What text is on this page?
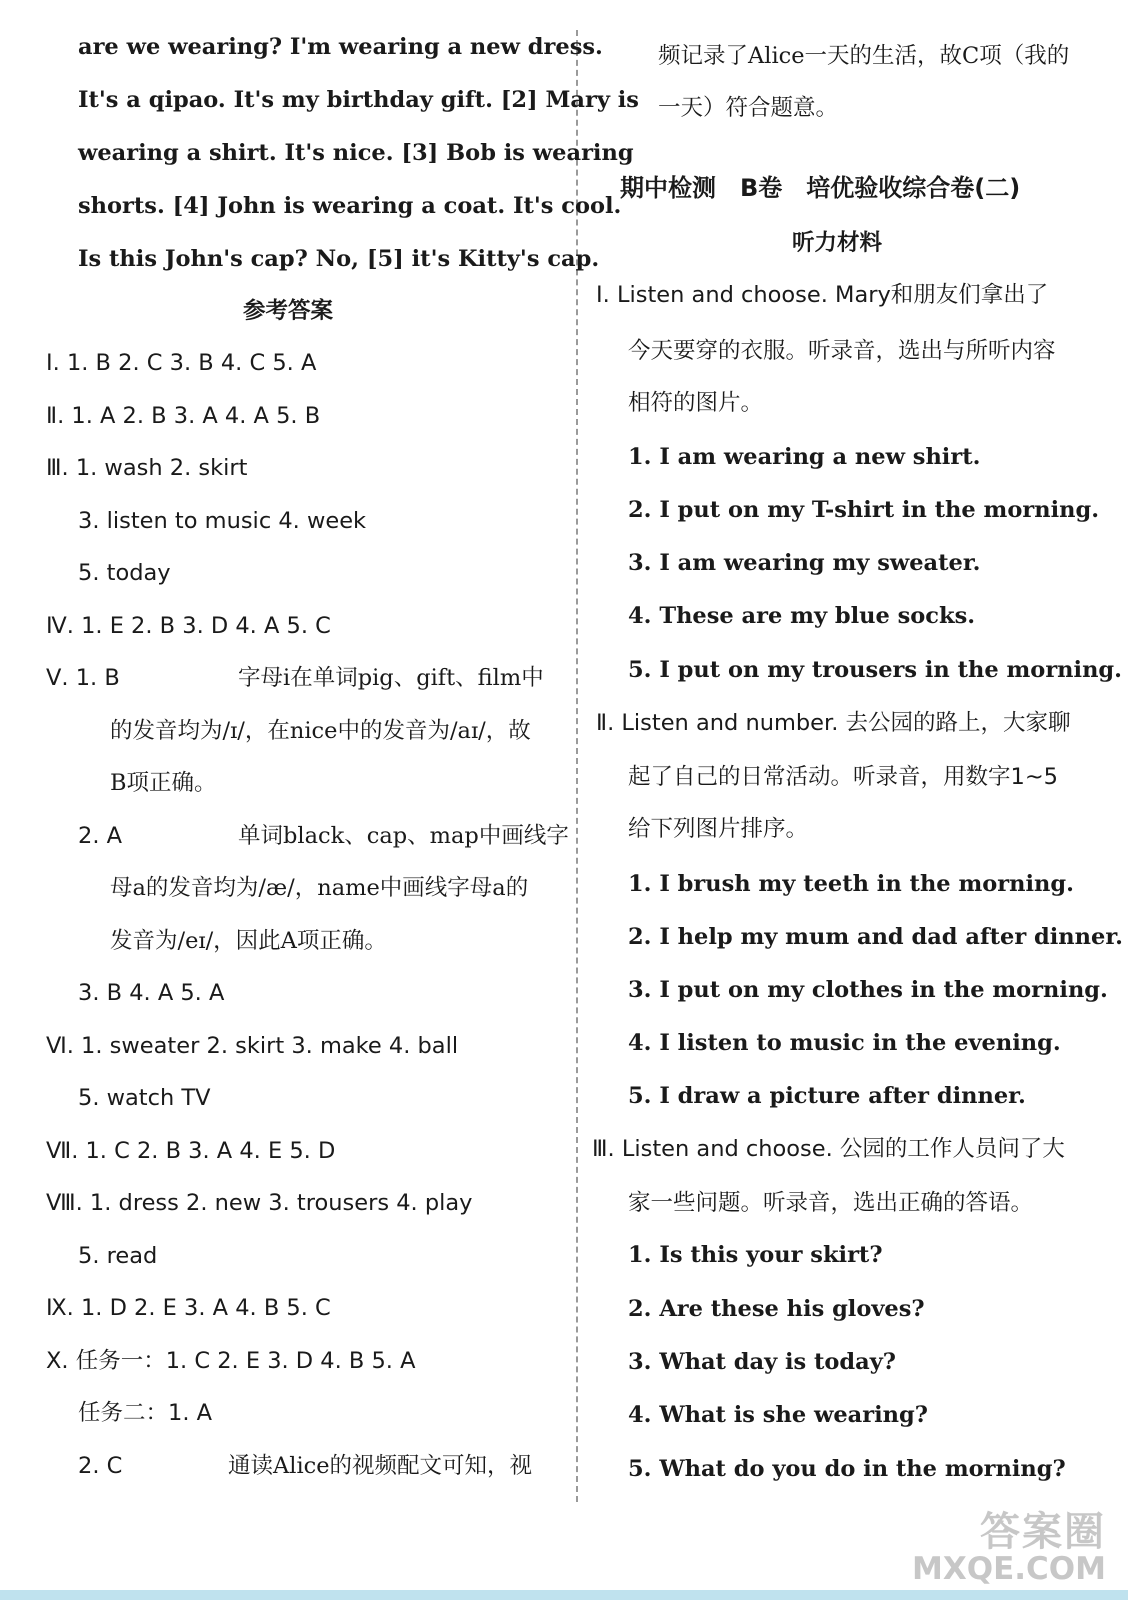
are we wearing? I'm wearing a new dress.
It's a qipao. It's my birthday gift. [2] Mary is
wearing a shirt. It's nice. [3] Bob is wearing
shorts. [4] John is wearing a coat. It's cool.
Is this John's cap? No, [5] it's Kitty's cap.
参考答案
Ⅰ. 1. B 2. C 3. B 4. C 5. A
Ⅱ. 1. A 2. B 3. A 4. A 5. B
Ⅲ. 1. wash 2. skirt
3. listen to music 4. week
5. today
Ⅳ. 1. E 2. B 3. D 4. A 5. C
Ⅴ. 1. B	字母i在单词pig、gift、film中
的发音均为/ɪ/，在nice中的发音为/aɪ/，故
B项正确。
2. A	单词black、cap、map中画线字
母a的发音均为/æ/，name中画线字母a的
发音为/eɪ/，因此A项正确。
3. B 4. A 5. A
Ⅵ. 1. sweater 2. skirt 3. make 4. ball
5. watch TV
Ⅶ. 1. C 2. B 3. A 4. E 5. D
Ⅷ. 1. dress 2. new 3. trousers 4. play
5. read
Ⅸ. 1. D 2. E 3. A 4. B 5. C
Ⅹ. 任务一：1. C 2. E 3. D 4. B 5. A
任务二：1. A
2. C	通读Alice的视频配文可知，视
频记录了Alice一天的生活，故C项（我的
一天）符合题意。
期中检测　B卷　培优验收综合卷(二)
听力材料
Ⅰ. Listen and choose. Mary和朋友们拿出了
今天要穿的衣服。听录音，选出与所听内容
相符的图片。
1. I am wearing a new shirt.
2. I put on my T-shirt in the morning.
3. I am wearing my sweater.
4. These are my blue socks.
5. I put on my trousers in the morning.
Ⅱ. Listen and number. 去公园的路上，大家聊
起了自己的日常活动。听录音，用数字1~5
给下列图片排序。
1. I brush my teeth in the morning.
2. I help my mum and dad after dinner.
3. I put on my clothes in the morning.
4. I listen to music in the evening.
5. I draw a picture after dinner.
Ⅲ. Listen and choose. 公园的工作人员问了大
家一些问题。听录音，选出正确的答语。
1. Is this your skirt?
2. Are these his gloves?
3. What day is today?
4. What is she wearing?
5. What do you do in the morning?
答案圈
MXQE.COM
